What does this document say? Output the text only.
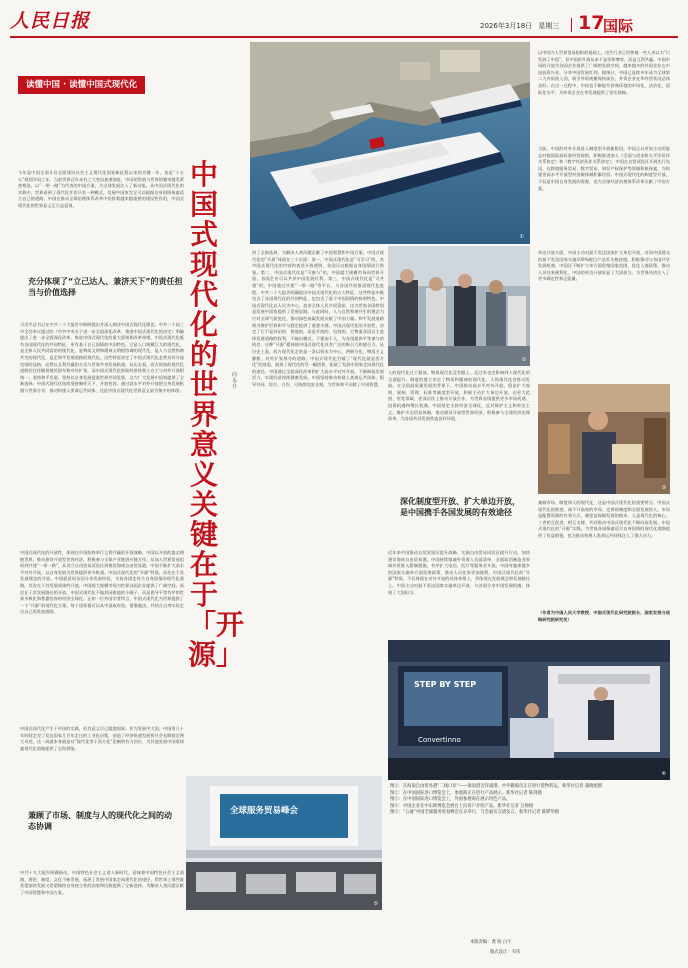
人民日报	2026年3月18日 星期三 17
国际
读懂中国 · 读懂中国式现代化
今年是中国全面开启全面建设社会主义现代化国家新征程以来的关键一年，也是“十五五”规划开局之年。当前世界百年未有之大变局加速演进，中国的发展与世界的繁荣越发紧密相连。以“一带一路”为代表的中国方案，为全球发展注入了新动能。从中国式现代化的实践中，世界看到了现代化并非只有一种模式，发展中国家完全可以根据自身国情探索适合自己的道路，中国在推动全球治理体系改革中发挥着越来越重要的建设性作用，中国式现代化的世界意义正日益显现。
充分体现了“立己达人、兼济天下”的责任担当与价值选择
习近平总书记在中共二十大报告中鲜明提出并深入阐述中国式现代化理论。中共二十届三中全会审议通过的《中共中央关于进一步全面深化改革、推进中国式现代化的决定》明确提出了进一步全面深化改革、推进中国式现代化的重大原则和改革举措。中国式现代化既有各国现代化的共同特征，更有基于自己国情的中国特色。它是人口规模巨大的现代化，是全体人民共同富裕的现代化，是物质文明和精神文明相协调的现代化，是人与自然和谐共生的现代化，是走和平发展道路的现代化。这些特征决定了中国式现代化必然具有开放包容的品格，必然以互利共赢的方式与世界共享发展机遇。从历史看，西方国家的现代化道路往往伴随着殖民掠夺和对外扩张，而中国式现代化则始终坚持独立自主与对外开放相统一，坚持和平发展，坚持以自身发展促进世界共同发展，这为广大发展中国家提供了全新选择。中国式现代化始终坚持胸怀天下、开放包容，通过高水平对外开放把自身发展机遇与世界分享，推动构建人类命运共同体，这是中国式现代化世界意义最为集中的体现。
中国式现代化的开放性，体现在中国始终奉行互利共赢的开放战略。中国以开放的姿态拥抱世界，推动建设开放型世界经济，积极参与全球产业链供应链合作。从加入世界贸易组织到共建“一带一路”，从设立自由贸易试验区到建设海南自由贸易港，中国不断扩大高水平对外开放，以自身发展为世界提供更多机遇。中国式现代化的“开源”特质，首先在于其发展理念的开放。中国愿意同各国分享发展经验，支持各国走符合自身国情的现代化道路。其次在于其发展成果的开放，中国超大规模市场为世界各国企业提供了广阔空间。再次在于其发展路径的开放，中国式现代化不搞封闭排他的小圈子，而是倡导平等有序的世界多极化和普惠包容的经济全球化。正如一位外国学者所言，中国式现代化为世界提供了一个“开源”的现代化方案，每个国家都可以从中汲取经验、借鉴做法，并结合自身实际走出自己的发展道路。
中国式现代化产生于中国的实践，但其意义早已超越国界。作为发展中大国，中国用几十年时间走完了发达国家几百年走过的工业化历程，创造了经济快速发展和社会长期稳定两大奇迹。这一成就本身就是对“现代化等于西方化”论断的有力回应，为其他发展中国家探索现代化道路提供了宝贵借鉴。
兼顾了市场、制度与人的现代化之间的动态协调
中共十九大报告明确指出，中国特色社会主义进入新时代，意味着中国特色社会主义道路、理论、制度、文化不断发展，拓展了发展中国家走向现代化的途径，给世界上那些既希望加快发展又希望保持自身独立性的国家和民族提供了全新选择，为解决人类问题贡献了中国智慧和中国方案。
中国式现代化的世界意义关键在于「开源」
向永升
①
②
③
STEP BY STEP
Convertinno
④
全球服务贸易峰会
⑤
供了全新选择，为解决人类问题贡献了中国智慧和中国方案。中国式现代化的“开源”体现在三个层面：第一，中国式现代化是“可学习”的，其中国式现代化的内容和表述开放透明，各国可以根据自身国情进行借鉴。第二，中国式现代化是“可参与”的，中国超大规模市场向世界开放，各国企业可以共享中国发展红利。第三，中国式现代化是“可共建”的，中国通过共建“一带一路”等平台，与各国共同推进现代化进程。中共二十大报告明确提出中国式现代化的五大特征，这些特征中既包含了各国现代化的共同特征，也包含了基于中国国情的鲜明特色。中国式现代化以人民为中心，追求全体人民共同富裕，这为世界各国特别是发展中国家提供了发展思路。与此同时，人与自然和谐共生的理念为应对全球气候变化、推动绿色低碳发展贡献了中国力量。和平发展道路则为维护世界和平与稳定提供了重要支撑。中国式现代化的开放性，决定了它不是封闭的、排他的，而是开放的、包容的。它尊重各国自主选择发展道路的权利，不输出模式，不强加于人，为各国提供平等参与的机会。这种“开源”精神使中国式现代化具有广泛的吸引力和感召力。从历史上看，西方现代化走的是一条以资本为中心、两极分化、物质主义膨胀、对外扩张掠夺的道路。中国式现代化打破了“现代化就是西方化”的迷思，展现了现代化的另一幅图景，拓展了发展中国家走向现代化的途径。中国通过全面深化改革和扩大高水平对外开放，不断释放发展活力，实现经济持续健康发展。中国坚持推动构建人类命运共同体，倡导共同、综合、合作、可持续的安全观，为世界和平贡献了中国智慧。
人的现代化过于超前，物质现代化没有跟上，反过来也会影响到人现代化的全面提升。制度的建立决定了物质和精神的现代化，人的现代化会推动发展。在全国高质量发展的背景下，中国推动高水平对外开放，稳步扩大规则、规制、管理、标准等制度型开放，积极主动扩大单边开放，在更大范围、更宽领域、更深层次上推动开放合作，为世界各国提供更多市场机遇、投资机遇和增长机遇。中国坚定支持经济全球化，反对保护主义和单边主义，维护多边贸易体制，推动建设开放型世界经济，积极参与全球经济治理改革，为各国共同发展营造良好环境。
深化制度型开放、扩大单边开放，是中国携手各国发展的有效途径
近年来中国推动自贸试验区提升战略，实施自由贸易试验区提升行动，加快建设海南自由贸易港。中国持续缩减外资准入负面清单，全面取消制造业领域外资准入限制措施，有序扩大电信、医疗等服务业开放。中国对越来越多的国家实施单方面免签政策，推动人员往来更加便利。中国式现代化的“开源”特质，不仅体现在对外开放的具体举措上，更体现在发展理念和发展路径上。中国主动对最不发达国家实施单边开放，与各国分享中国发展机遇，体现了大国担当。
以中国为人世界贸易组织的基础上，这些行业已经曾被一些人讲以为“只发展了中国”，但中国的开放从来不是零和博弈，而是互利共赢。中国市场的开放为各国企业提供了广阔的发展空间，越来越多的外国企业在中国投资兴业，分享中国发展红利。据统计，中国已连续多年成为全球第二大外资流入国，吸引外资规模保持高位，外资企业在华经营状况总体良好。在这一过程中，中国也不断提升营商环境的市场化、法治化、国际化水平，为外资企业在华发展提供了坚实保障。
当前，中国的对外开放进入制度型开放新阶段，中国正以更加主动的姿态对接国际高标准经贸规则，积极推进加入《全面与进步跨太平洋伙伴关系协定》和《数字经济伙伴关系协定》。中国在自贸试验区开展先行先试，在跨境服务贸易、数字贸易、知识产权保护等领域积极探索，为构建更高水平开放型经济新体制积累经验。中国式现代化的制度型开放，不仅是中国自身发展的需要，也为全球经济治理体系改革贡献了中国方案。
单边开放方面，中国主动对最不发达国家扩大单边开放，对同中国建交的最不发达国家实施100%税目产品零关税待遇，积极推动与各国共享发展机遇。中国还不断扩大单方面免签国家范围，优化入境政策，推动人员往来便利化。中国的单边开放彰显了大国担当，为世界经济注入了更多确定性和正能量。
兼顾市场、制度和人的现代化，这是中国式现代化的重要特点。中国式现代化的推进，离不开高效的市场、完善的制度和全面发展的人。市场是配置资源的有效方式，制度是保障发展的根本，人是现代化的核心。三者相互促进、相互支撑，共同推动中国式现代化不断向前发展。中国式现代化的“开源”实践，为世界各国探索适合自身国情的现代化道路提供了有益借鉴，也为推动构建人类命运共同体注入了强大动力。
（作者为中国人民大学教授、中国式现代化研究院院长、国家发展与战略研究院研究员）
图①：在海南自由贸易港“二线口岸”——海南澄迈洋浦港，中外籍船员正在进行货物转运。新华社记者 蒲晓旭摄
图②：在中国国际进口博览会上，参展商正在进行产品展示。新华社记者 陈剑摄
图③：在中国国际进口博览会上，外国参展商在展示特色产品。
图④：中国企业在中东欧博览会展台上向客户介绍产品。新华社记者 吕帅摄
图⑤：“五通”中国全球服务贸易峰会在京举行，与会嘉宾交流发言。新华社记者 陈晔华摄
本版责编：龚 锐 白宇
版式设计：韦伟
